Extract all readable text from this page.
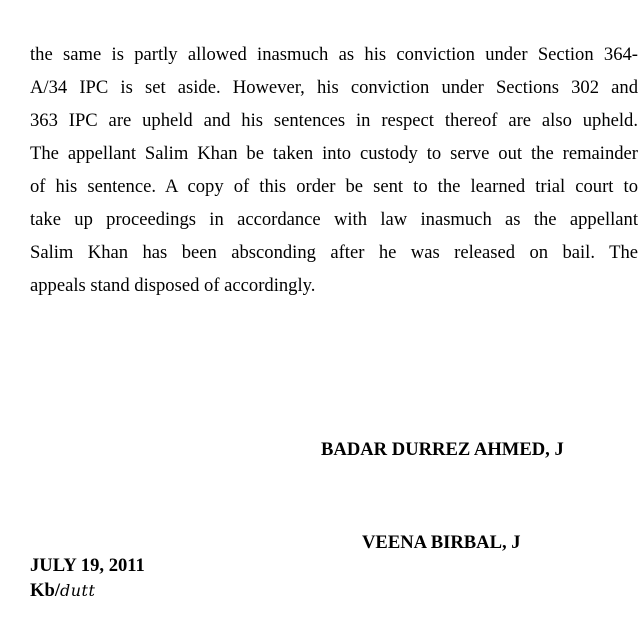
the same is partly allowed inasmuch as his conviction under Section 364-
A/34 IPC is set aside. However, his conviction under Sections 302 and
363 IPC are upheld and his sentences in respect thereof are also upheld.
The appellant Salim Khan be taken into custody to serve out the remainder
of his sentence. A copy of this order be sent to the learned trial court to
take up proceedings in accordance with law inasmuch as the appellant
Salim Khan has been absconding after he was released on bail. The
appeals stand disposed of accordingly.
BADAR DURREZ AHMED, J
VEENA BIRBAL, J
JULY 19, 2011
Kb/dutt
